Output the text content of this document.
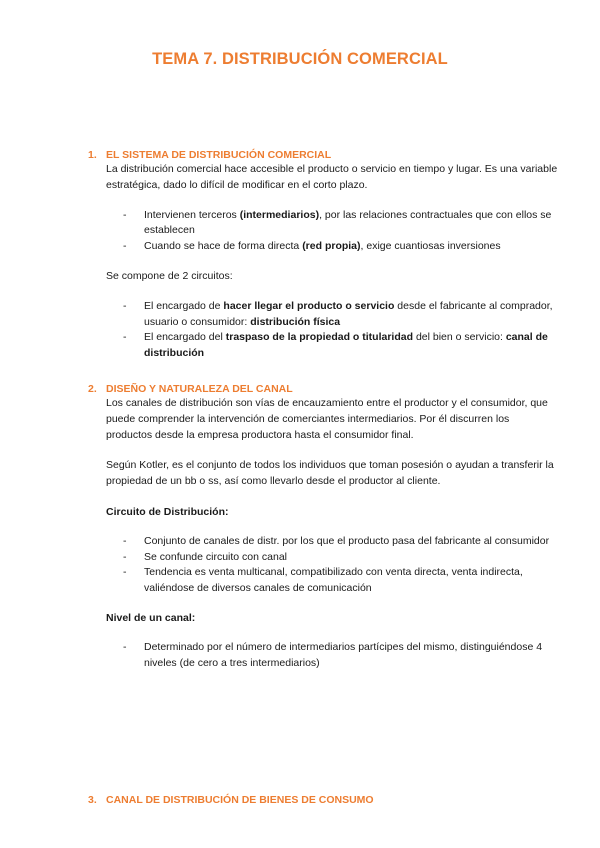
TEMA 7. DISTRIBUCIÓN COMERCIAL
1. EL SISTEMA DE DISTRIBUCIÓN COMERCIAL

La distribución comercial hace accesible el producto o servicio en tiempo y lugar. Es una variable estratégica, dado lo difícil de modificar en el corto plazo.

- Intervienen terceros (intermediarios), por las relaciones contractuales que con ellos se establecen
- Cuando se hace de forma directa (red propia), exige cuantiosas inversiones

Se compone de 2 circuitos:

- El encargado de hacer llegar el producto o servicio desde el fabricante al comprador, usuario o consumidor: distribución física
- El encargado del traspaso de la propiedad o titularidad del bien o servicio: canal de distribución
2. DISEÑO Y NATURALEZA DEL CANAL

Los canales de distribución son vías de encauzamiento entre el productor y el consumidor, que puede comprender la intervención de comerciantes intermediarios. Por él discurren los productos desde la empresa productora hasta el consumidor final.

Según Kotler, es el conjunto de todos los individuos que toman posesión o ayudan a transferir la propiedad de un bb o ss, así como llevarlo desde el productor al cliente.

Circuito de Distribución:
- Conjunto de canales de distr. por los que el producto pasa del fabricante al consumidor
- Se confunde circuito con canal
- Tendencia es venta multicanal, compatibilizado con venta directa, venta indirecta, valiéndose de diversos canales de comunicación
Nivel de un canal:
- Determinado por el número de intermediarios partícipes del mismo, distinguiéndose 4 niveles (de cero a tres intermediarios)
3. CANAL DE DISTRIBUCIÓN DE BIENES DE CONSUMO
